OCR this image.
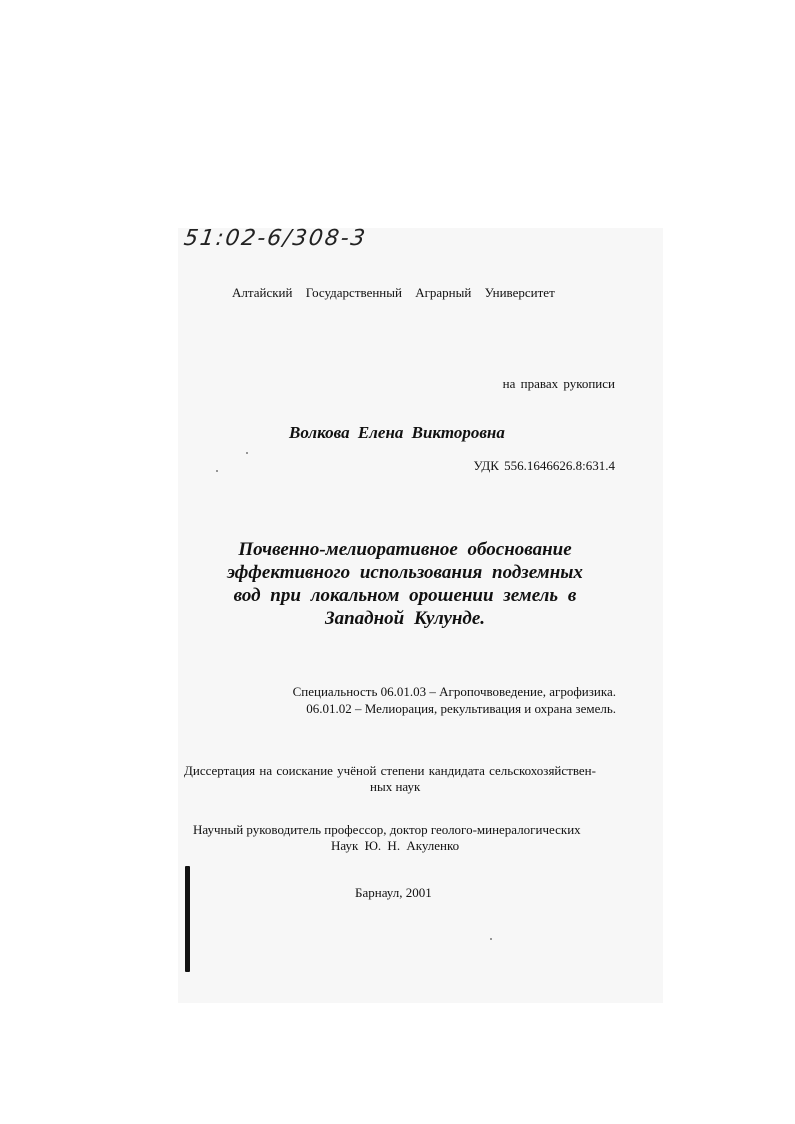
51:02-6/308-3
Алтайский Государственный Аграрный Университет
на правах рукописи
Волкова Елена Викторовна
УДК 556.1646626.8:631.4
Почвенно-мелиоративное обоснование
эффективного использования подземных
вод при локальном орошении земель в
Западной Кулунде.
Специальность 06.01.03 – Агропочвоведение, агрофизика.
06.01.02 – Мелиорация, рекультивация и охрана земель.
Диссертация на соискание учёной степени кандидата сельскохозяйствен-
ных наук
Научный руководитель профессор, доктор геолого-минералогических
Наук Ю. Н. Акуленко
Барнаул, 2001
